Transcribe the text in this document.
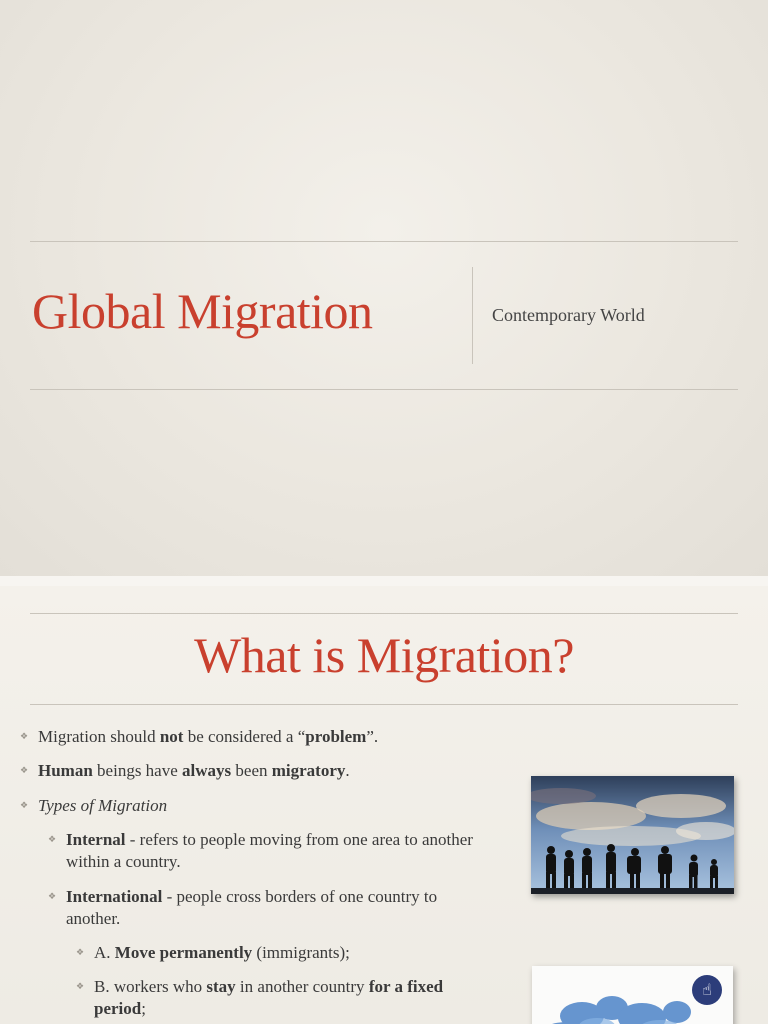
Global Migration	Contemporary World
What is Migration?
❖ Migration should not be considered a “problem”.
❖ Human beings have always been migratory.
❖ Types of Migration
❖ Internal - refers to people moving from one area to another within a country.
❖ International - people cross borders of one country to another.
❖ A. Move permanently (immigrants);
❖ B. workers who stay in another country for a fixed period;
☝
